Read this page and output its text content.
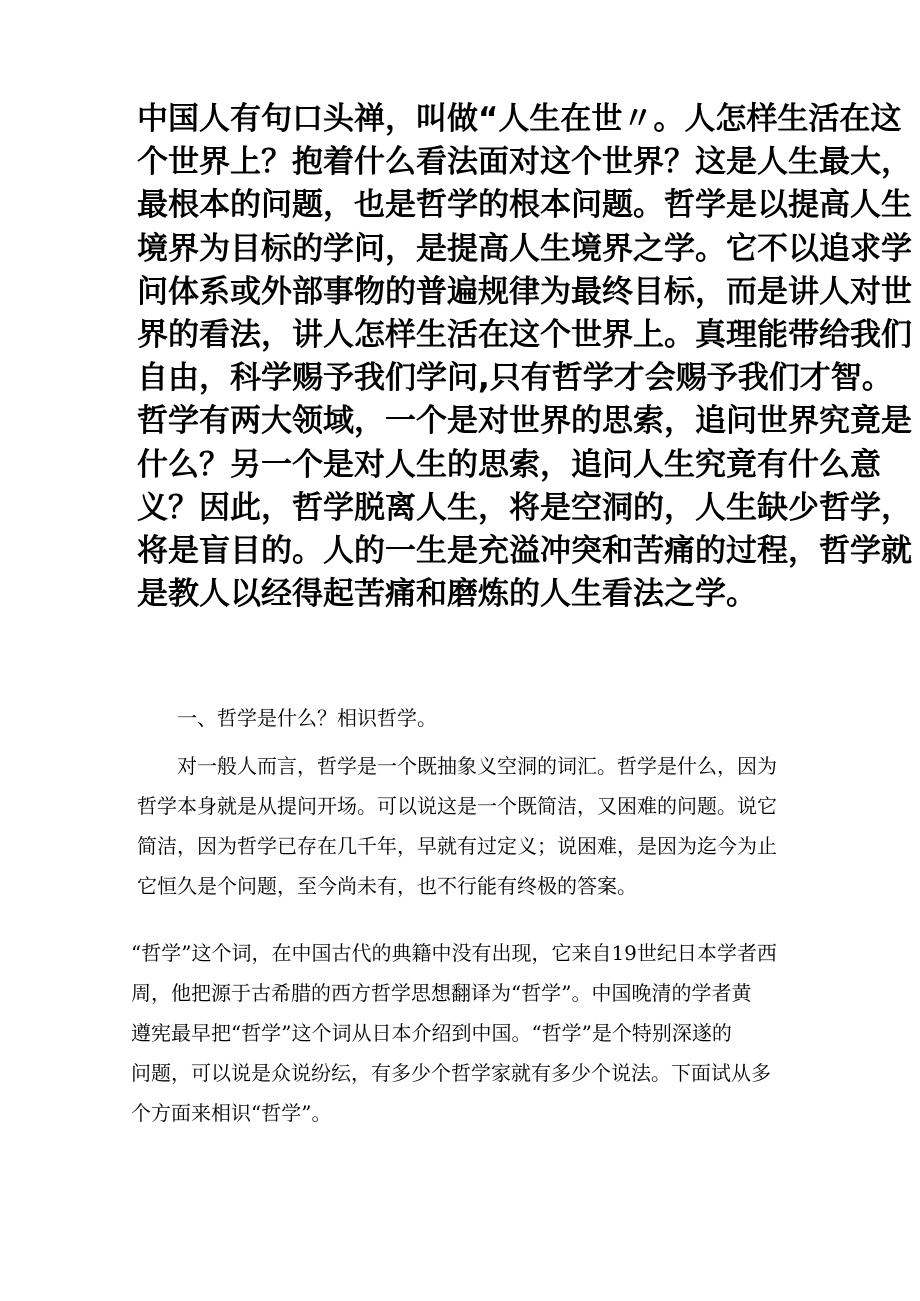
中国人有句口头禅，叫做“人生在世〃。人怎样生活在这
个世界上？抱着什么看法面对这个世界？这是人生最大，
最根本的问题，也是哲学的根本问题。哲学是以提高人生
境界为目标的学问，是提高人生境界之学。它不以追求学
问体系或外部事物的普遍规律为最终目标，而是讲人对世
界的看法，讲人怎样生活在这个世界上。真理能带给我们
自由，科学赐予我们学问,只有哲学才会赐予我们才智。
哲学有两大领域，一个是对世界的思索，追问世界究竟是
什么？另一个是对人生的思索，追问人生究竟有什么意
义？因此，哲学脱离人生，将是空洞的，人生缺少哲学，
将是盲目的。人的一生是充溢冲突和苦痛的过程，哲学就
是教人以经得起苦痛和磨炼的人生看法之学。
一、哲学是什么？相识哲学。
对一般人而言，哲学是一个既抽象义空洞的词汇。哲学是什么，因为
哲学本身就是从提问开场。可以说这是一个既简洁，又困难的问题。说它
简洁，因为哲学已存在几千年，早就有过定义；说困难，是因为迄今为止
它恒久是个问题，至今尚未有，也不行能有终极的答案。
“哲学”这个词，在中国古代的典籍中没有出现，它来自19世纪日本学者西
周，他把源于古希腊的西方哲学思想翻译为“哲学”。中国晚清的学者黄
遵宪最早把“哲学”这个词从日本介绍到中国。“哲学”是个特别深遂的
问题，可以说是众说纷纭，有多少个哲学家就有多少个说法。下面试从多
个方面来相识“哲学”。
